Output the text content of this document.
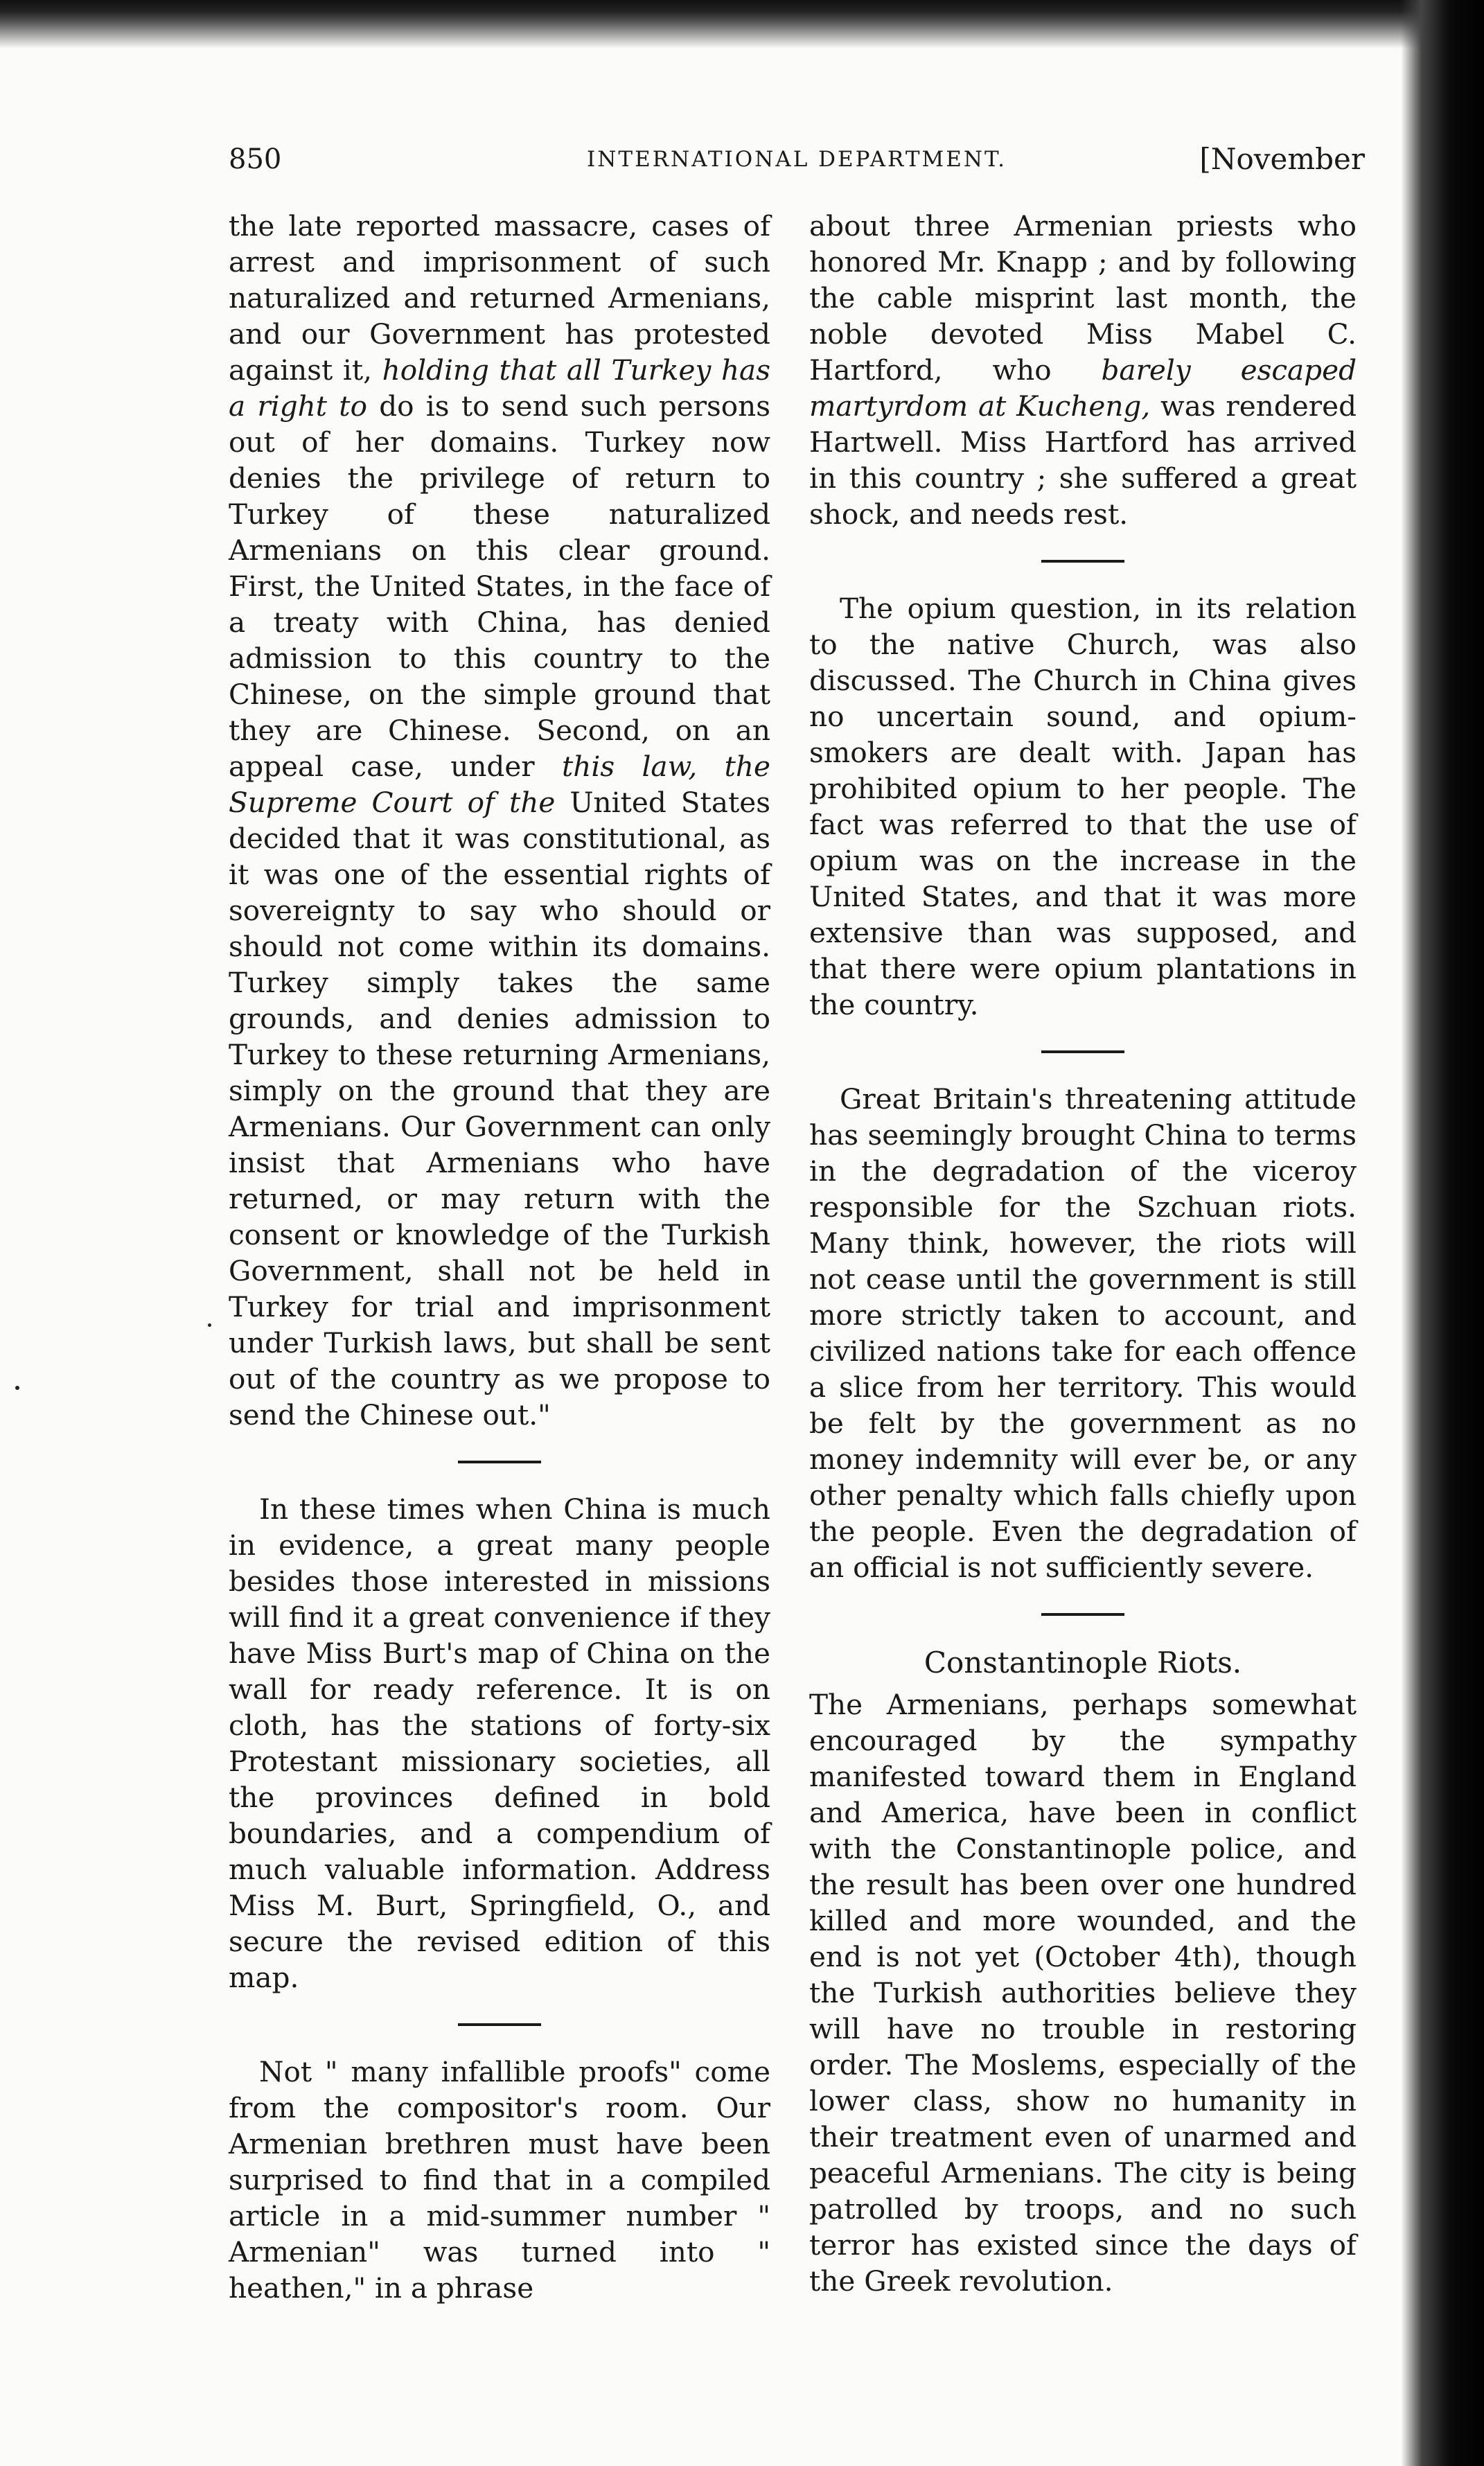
850	INTERNATIONAL DEPARTMENT.	[November

the late reported massacre, cases of arrest and imprisonment of such naturalized and returned Armenians, and our Government has protested against it, holding that all Turkey has a right to do is to send such persons out of her domains. Turkey now denies the privilege of return to Turkey of these naturalized Armenians on this clear ground. First, the United States, in the face of a treaty with China, has denied admission to this country to the Chinese, on the simple ground that they are Chinese. Second, on an appeal case, under this law, the Supreme Court of the United States decided that it was constitutional, as it was one of the essential rights of sovereignty to say who should or should not come within its domains. Turkey simply takes the same grounds, and denies admission to Turkey to these returning Armenians, simply on the ground that they are Armenians. Our Government can only insist that Armenians who have returned, or may return with the consent or knowledge of the Turkish Government, shall not be held in Turkey for trial and imprisonment under Turkish laws, but shall be sent out of the country as we propose to send the Chinese out."

In these times when China is much in evidence, a great many people besides those interested in missions will find it a great convenience if they have Miss Burt's map of China on the wall for ready reference. It is on cloth, has the stations of forty-six Protestant missionary societies, all the provinces defined in bold boundaries, and a compendium of much valuable information. Address Miss M. Burt, Springfield, O., and secure the revised edition of this map.

Not " many infallible proofs" come from the compositor's room. Our Armenian brethren must have been surprised to find that in a compiled article in a mid-summer number " Armenian" was turned into " heathen," in a phrase

about three Armenian priests who honored Mr. Knapp ; and by following the cable misprint last month, the noble devoted Miss Mabel C. Hartford, who barely escaped martyrdom at Kucheng, was rendered Hartwell. Miss Hartford has arrived in this country ; she suffered a great shock, and needs rest.

The opium question, in its relation to the native Church, was also discussed. The Church in China gives no uncertain sound, and opium-smokers are dealt with. Japan has prohibited opium to her people. The fact was referred to that the use of opium was on the increase in the United States, and that it was more extensive than was supposed, and that there were opium plantations in the country.

Great Britain's threatening attitude has seemingly brought China to terms in the degradation of the viceroy responsible for the Szchuan riots. Many think, however, the riots will not cease until the government is still more strictly taken to account, and civilized nations take for each offence a slice from her territory. This would be felt by the government as no money indemnity will ever be, or any other penalty which falls chiefly upon the people. Even the degradation of an official is not sufficiently severe.

Constantinople Riots.

The Armenians, perhaps somewhat encouraged by the sympathy manifested toward them in England and America, have been in conflict with the Constantinople police, and the result has been over one hundred killed and more wounded, and the end is not yet (October 4th), though the Turkish authorities believe they will have no trouble in restoring order. The Moslems, especially of the lower class, show no humanity in their treatment even of unarmed and peaceful Armenians. The city is being patrolled by troops, and no such terror has existed since the days of the Greek revolution.
